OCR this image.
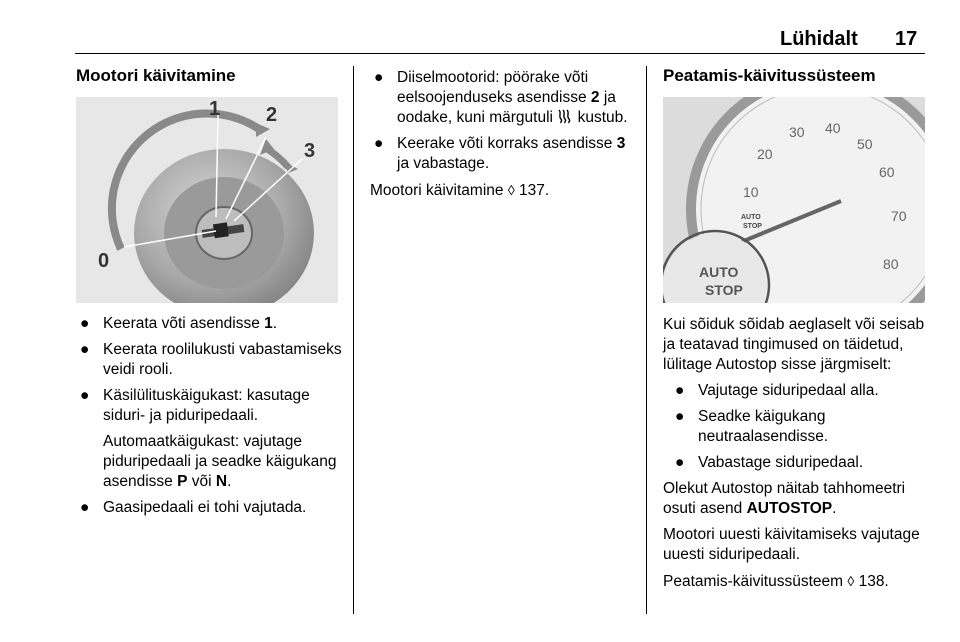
Lühidalt 17
Mootori käivitamine
0
1 2
3
● Keerata võti asendisse 1.
● Keerata roolilukusti vabastamiseks veidi rooli.
● Käsilülituskäigukast: kasutage siduri- ja piduripedaali.
Automaatkäigukast: vajutage piduripedaali ja seadke käigukang asendisse P või N.
● Gaasipedaali ei tohi vajutada.
● Diiselmootorid: pöörake võti eelsoojenduseks asendisse 2 ja oodake, kuni märgutuli  kustub.
● Keerake võti korraks asendisse 3 ja vabastage.

Mootori käivitamine ◊ 137.

Peatamis-käivitussüsteem
10
20
30 40
50
60
70
80
AUTO
STOP
AUTO
STOP

Kui sõiduk sõidab aeglaselt või seisab ja teatavad tingimused on täidetud, lülitage Autostop sisse järgmiselt:

● Vajutage siduripedaal alla.
● Seadke käigukang neutraalasendisse.
● Vabastage siduripedaal.

Olekut Autostop näitab tahhomeetri osuti asend AUTOSTOP.

Mootori uuesti käivitamiseks vajutage uuesti siduripedaali.

Peatamis-käivitussüsteem ◊ 138.
